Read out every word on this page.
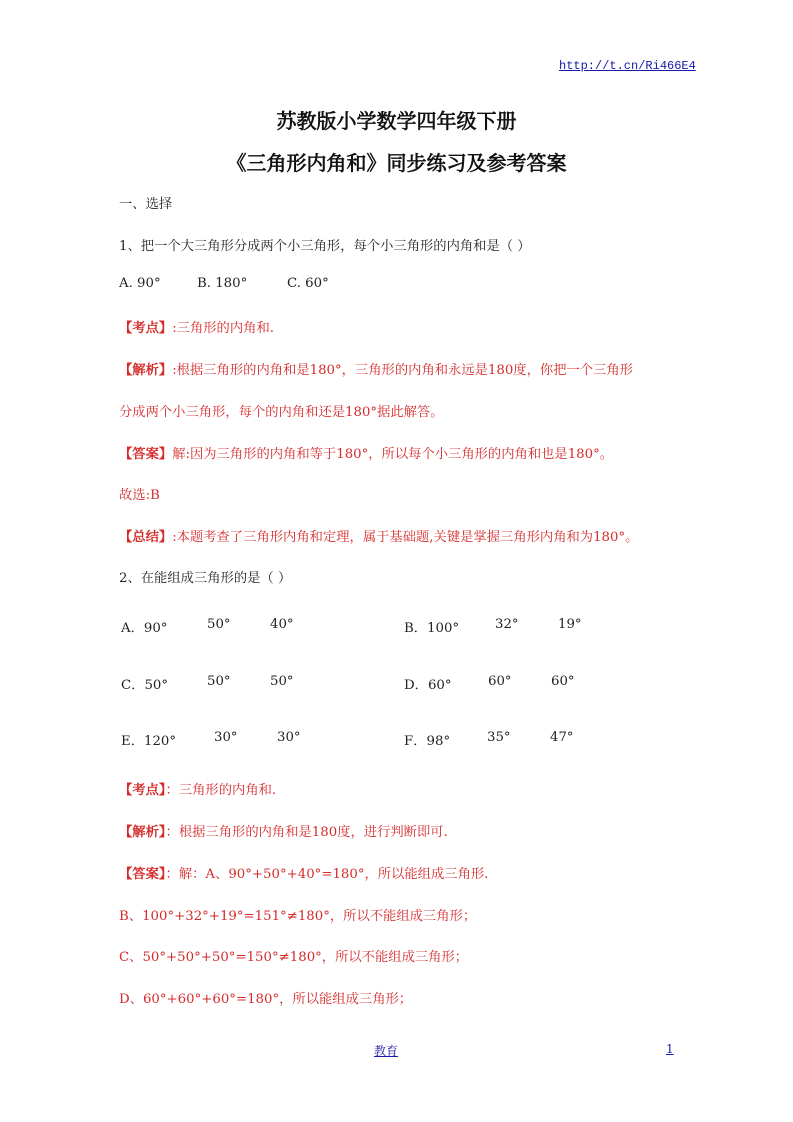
http://t.cn/Ri466E4
苏教版小学数学四年级下册
《三角形内角和》同步练习及参考答案
一、选择
1、把一个大三角形分成两个小三角形，每个小三角形的内角和是（ ）
A. 90°	B. 180°	C. 60°
【考点】:三角形的内角和.
【解析】:根据三角形的内角和是180°，三角形的内角和永远是180度，你把一个三角形
分成两个小三角形，每个的内角和还是180°据此解答。
【答案】解:因为三角形的内角和等于180°，所以每个小三角形的内角和也是180°。
故选:B
【总结】:本题考查了三角形内角和定理，属于基础题,关键是掌握三角形内角和为180°。
2、在能组成三角形的是（ ）
A．90°	50°	40°	B．100°	32°	19°
C．50°	50°	50°	D．60°	60°	60°
E．120°	30°	30°	F．98°	35°	47°
【考点】：三角形的内角和.
【解析】：根据三角形的内角和是180度，进行判断即可.
【答案】：解：A、90°+50°+40°=180°，所以能组成三角形.
B、100°+32°+19°=151°≠180°，所以不能组成三角形；
C、50°+50°+50°=150°≠180°，所以不能组成三角形；
D、60°+60°+60°=180°，所以能组成三角形；
教育	1
